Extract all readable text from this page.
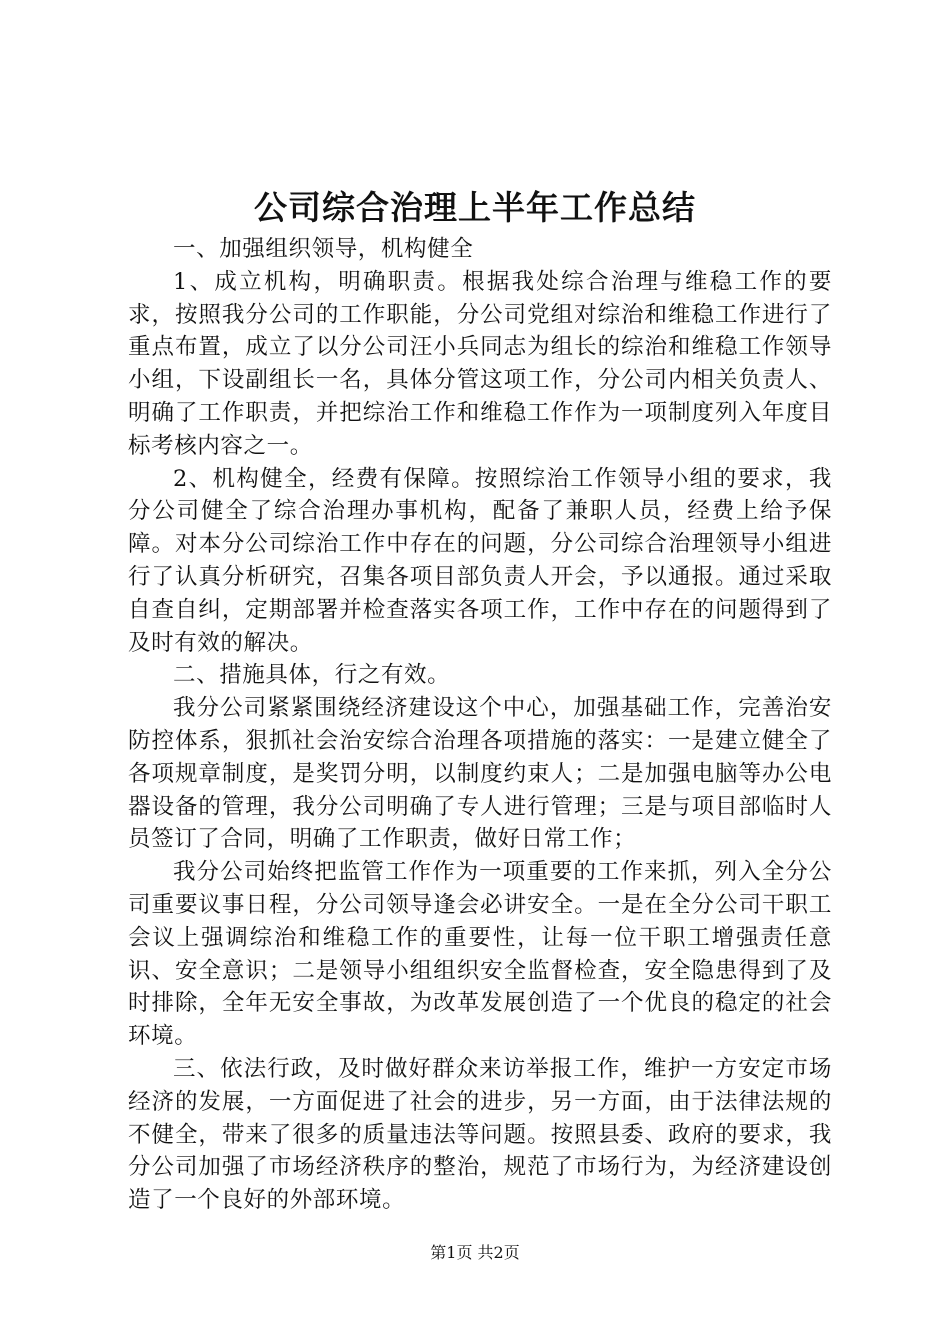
公司综合治理上半年工作总结

一、加强组织领导，机构健全

1、成立机构，明确职责。根据我处综合治理与维稳工作的要求，按照我分公司的工作职能，分公司党组对综治和维稳工作进行了重点布置，成立了以分公司汪小兵同志为组长的综治和维稳工作领导小组，下设副组长一名，具体分管这项工作，分公司内相关负责人、明确了工作职责，并把综治工作和维稳工作作为一项制度列入年度目标考核内容之一。

2、机构健全，经费有保障。按照综治工作领导小组的要求，我分公司健全了综合治理办事机构，配备了兼职人员，经费上给予保障。对本分公司综治工作中存在的问题，分公司综合治理领导小组进行了认真分析研究，召集各项目部负责人开会，予以通报。通过采取自查自纠，定期部署并检查落实各项工作，工作中存在的问题得到了及时有效的解决。

二、措施具体，行之有效。

我分公司紧紧围绕经济建设这个中心，加强基础工作，完善治安防控体系，狠抓社会治安综合治理各项措施的落实：一是建立健全了各项规章制度，是奖罚分明，以制度约束人；二是加强电脑等办公电器设备的管理，我分公司明确了专人进行管理；三是与项目部临时人员签订了合同，明确了工作职责，做好日常工作；

我分公司始终把监管工作作为一项重要的工作来抓，列入全分公司重要议事日程，分公司领导逢会必讲安全。一是在全分公司干职工会议上强调综治和维稳工作的重要性，让每一位干职工增强责任意识、安全意识；二是领导小组组织安全监督检查，安全隐患得到了及时排除，全年无安全事故，为改革发展创造了一个优良的稳定的社会环境。

三、依法行政，及时做好群众来访举报工作，维护一方安定市场经济的发展，一方面促进了社会的进步，另一方面，由于法律法规的不健全，带来了很多的质量违法等问题。按照县委、政府的要求，我分公司加强了市场经济秩序的整治，规范了市场行为，为经济建设创造了一个良好的外部环境。

第1页 共2页
